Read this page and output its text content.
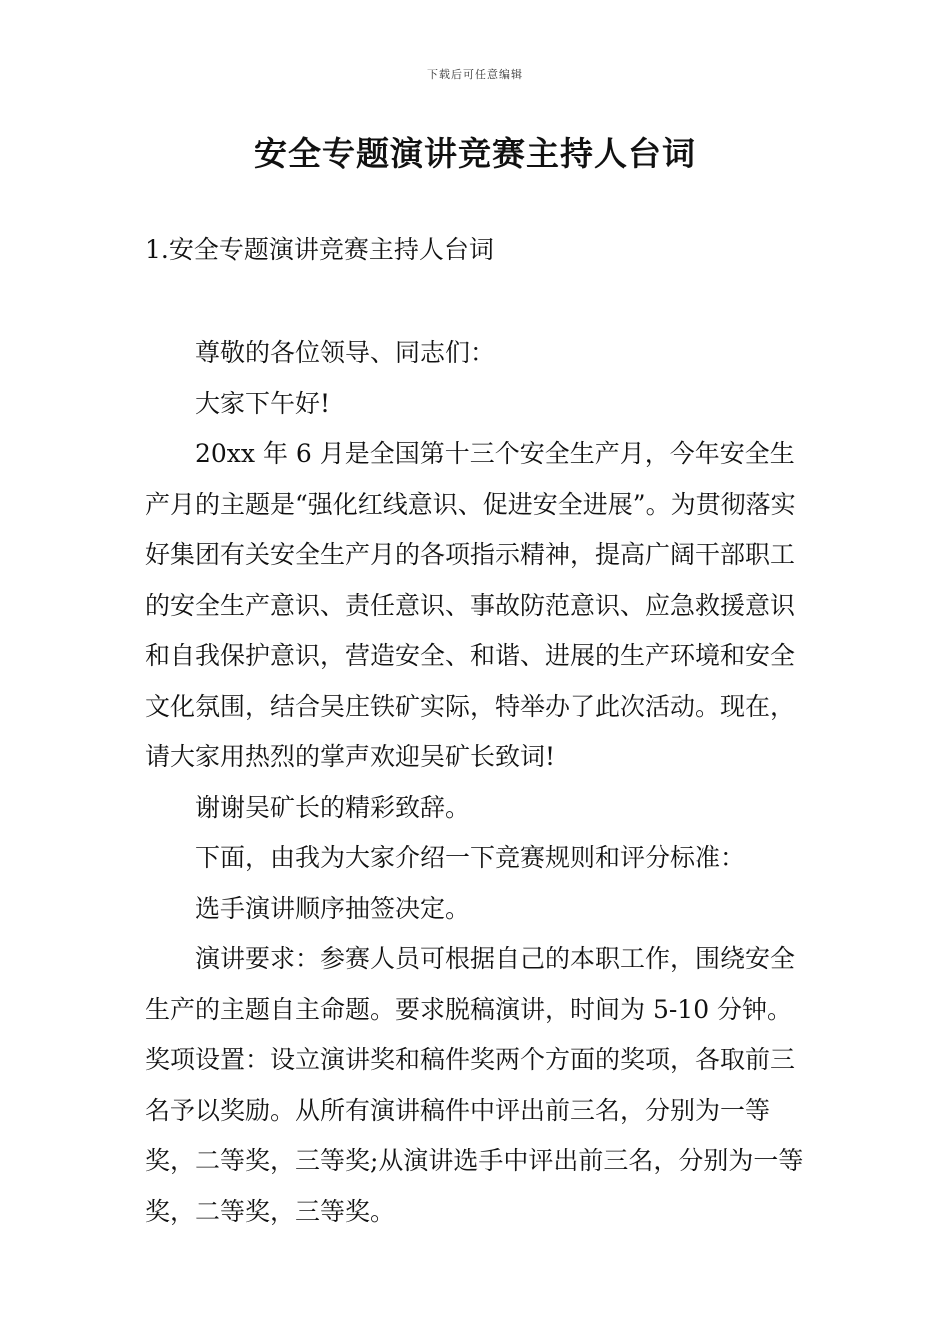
下载后可任意编辑
安全专题演讲竞赛主持人台词
1.安全专题演讲竞赛主持人台词

尊敬的各位领导、同志们：

大家下午好!

20xx 年 6 月是全国第十三个安全生产月，今年安全生产月的主题是“强化红线意识、促进安全进展”。为贯彻落实好集团有关安全生产月的各项指示精神，提高广阔干部职工的安全生产意识、责任意识、事故防范意识、应急救援意识和自我保护意识，营造安全、和谐、进展的生产环境和安全文化氛围，结合吴庄铁矿实际，特举办了此次活动。现在，请大家用热烈的掌声欢迎吴矿长致词!

谢谢吴矿长的精彩致辞。

下面，由我为大家介绍一下竞赛规则和评分标准：

选手演讲顺序抽签决定。

演讲要求：参赛人员可根据自己的本职工作，围绕安全生产的主题自主命题。要求脱稿演讲，时间为 5-10 分钟。

奖项设置：设立演讲奖和稿件奖两个方面的奖项，各取前三名予以奖励。从所有演讲稿件中评出前三名，分别为一等奖，二等奖，三等奖;从演讲选手中评出前三名，分别为一等奖，二等奖，三等奖。
